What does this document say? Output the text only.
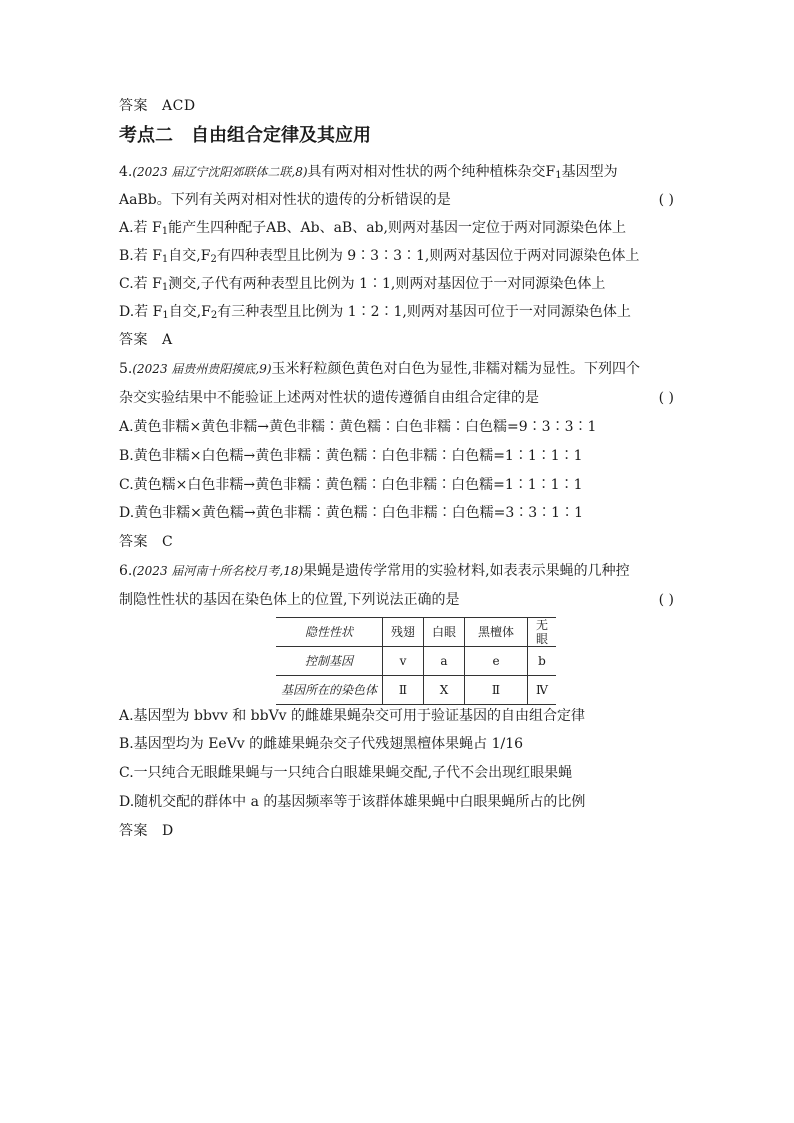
答案 ACD
考点二 自由组合定律及其应用
4.(2023 届辽宁沈阳郊联体二联,8)具有两对相对性状的两个纯种植株杂交$F_1$基因型为
AaBb。下列有关两对相对性状的遗传的分析错误的是	( )
A.若 $F_1$能产生四种配子AB、Ab、aB、ab,则两对基因一定位于两对同源染色体上
B.若 $F_1$自交$,F_2$有四种表型且比例为 9∶3∶3∶1,则两对基因位于两对同源染色体上
C.若 $F_1$测交,子代有两种表型且比例为 1∶1,则两对基因位于一对同源染色体上
D.若 $F_1$自交$,F_2$有三种表型且比例为 1∶2∶1,则两对基因可位于一对同源染色体上
答案 A
5.(2023 届贵州贵阳摸底,9)玉米籽粒颜色黄色对白色为显性,非糯对糯为显性。下列四个
杂交实验结果中不能验证上述两对性状的遗传遵循自由组合定律的是	( )
A.黄色非糯×黄色非糯→黄色非糯∶黄色糯∶白色非糯∶白色糯=9∶3∶3∶1
B.黄色非糯×白色糯→黄色非糯∶黄色糯∶白色非糯∶白色糯=1∶1∶1∶1
C.黄色糯×白色非糯→黄色非糯∶黄色糯∶白色非糯∶白色糯=1∶1∶1∶1
D.黄色非糯×黄色糯→黄色非糯∶黄色糯∶白色非糯∶白色糯=3∶3∶1∶1
答案 C
6.(2023 届河南十所名校月考,18)果蝇是遗传学常用的实验材料,如表表示果蝇的几种控
制隐性性状的基因在染色体上的位置,下列说法正确的是	( )
隐性性状	残翅	白眼	黑檀体	无眼
控制基因	v	a	e	b
基因所在的染色体	Ⅱ	X	Ⅱ	Ⅳ
A.基因型为 bbvv 和 bbVv 的雌雄果蝇杂交可用于验证基因的自由组合定律
B.基因型均为 EeVv 的雌雄果蝇杂交子代残翅黑檀体果蝇占 1/16
C.一只纯合无眼雌果蝇与一只纯合白眼雄果蝇交配,子代不会出现红眼果蝇
D.随机交配的群体中 a 的基因频率等于该群体雄果蝇中白眼果蝇所占的比例
答案 D
